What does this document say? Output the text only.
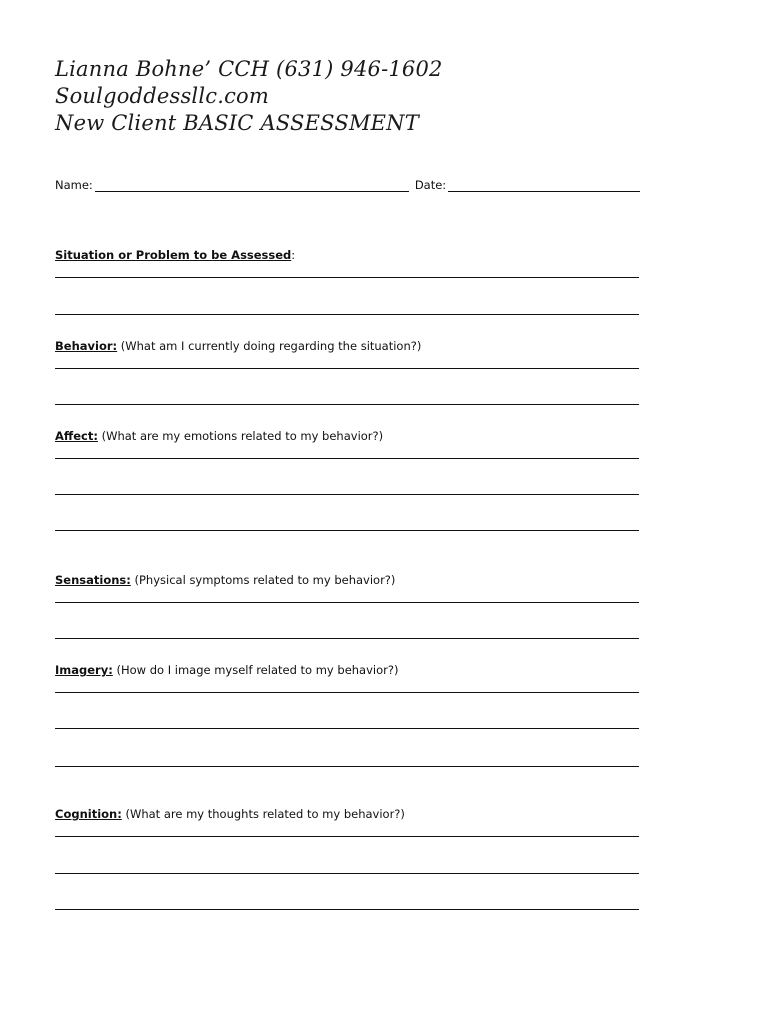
Lianna Bohne’ CCH (631) 946-1602
Soulgoddessllc.com
New Client BASIC ASSESSMENT
Name:	Date:
Situation or Problem to be Assessed:
Behavior: (What am I currently doing regarding the situation?)
Affect: (What are my emotions related to my behavior?)
Sensations: (Physical symptoms related to my behavior?)
Imagery: (How do I image myself related to my behavior?)
Cognition: (What are my thoughts related to my behavior?)
